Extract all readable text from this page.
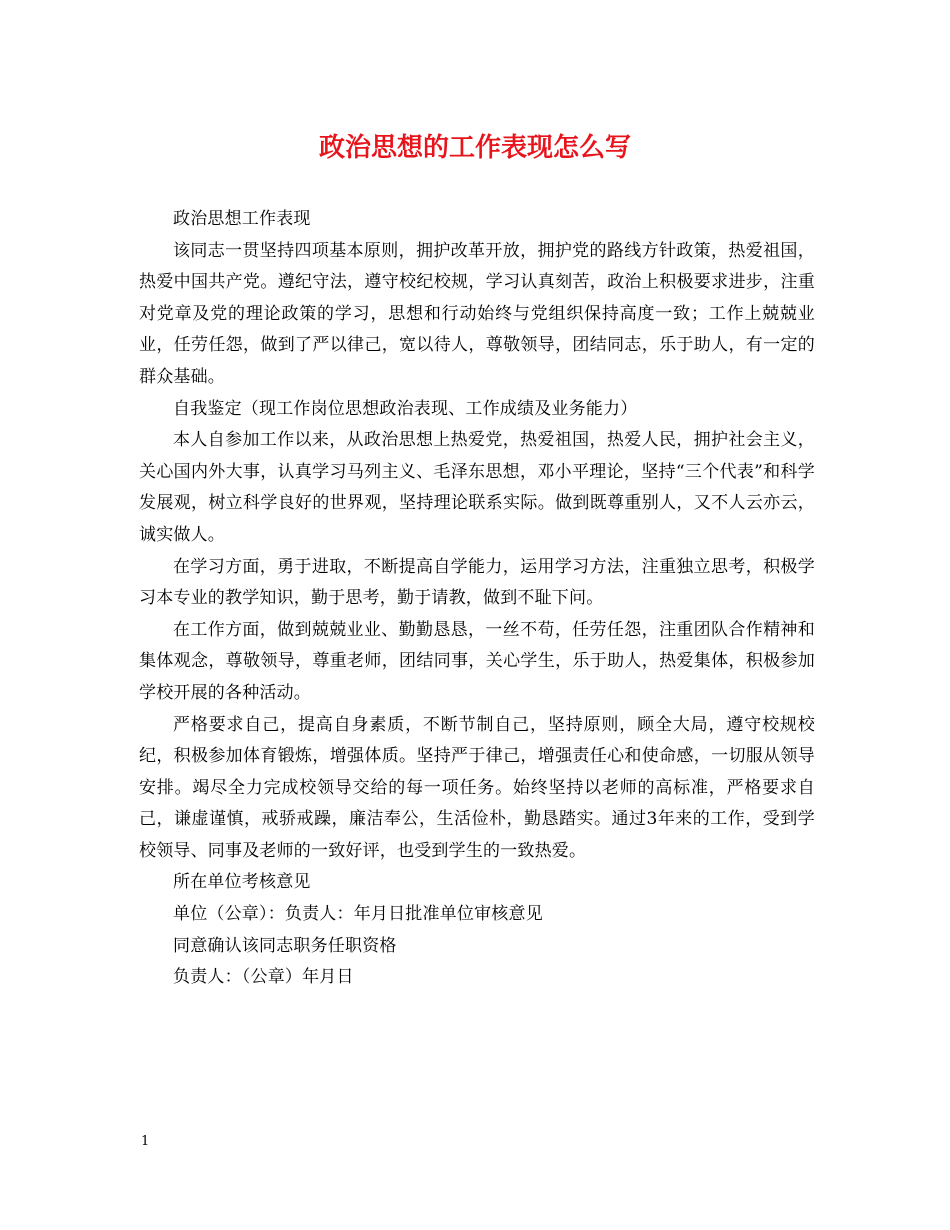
政治思想的工作表现怎么写

政治思想工作表现

该同志一贯坚持四项基本原则，拥护改革开放，拥护党的路线方针政策，热爱祖国，热爱中国共产党。遵纪守法，遵守校纪校规，学习认真刻苦，政治上积极要求进步，注重对党章及党的理论政策的学习，思想和行动始终与党组织保持高度一致；工作上兢兢业业，任劳任怨，做到了严以律己，宽以待人，尊敬领导，团结同志，乐于助人，有一定的群众基础。

自我鉴定（现工作岗位思想政治表现、工作成绩及业务能力）

本人自参加工作以来，从政治思想上热爱党，热爱祖国，热爱人民，拥护社会主义，关心国内外大事，认真学习马列主义、毛泽东思想，邓小平理论，坚持“三个代表”和科学发展观，树立科学良好的世界观，坚持理论联系实际。做到既尊重别人，又不人云亦云，诚实做人。

在学习方面，勇于进取，不断提高自学能力，运用学习方法，注重独立思考，积极学习本专业的教学知识，勤于思考，勤于请教，做到不耻下问。

在工作方面，做到兢兢业业、勤勤恳恳，一丝不苟，任劳任怨，注重团队合作精神和集体观念，尊敬领导，尊重老师，团结同事，关心学生，乐于助人，热爱集体，积极参加学校开展的各种活动。

严格要求自己，提高自身素质，不断节制自己，坚持原则，顾全大局，遵守校规校纪，积极参加体育锻炼，增强体质。坚持严于律己，增强责任心和使命感，一切服从领导安排。竭尽全力完成校领导交给的每一项任务。始终坚持以老师的高标准，严格要求自己，谦虚谨慎，戒骄戒躁，廉洁奉公，生活俭朴，勤恳踏实。通过3年来的工作，受到学校领导、同事及老师的一致好评，也受到学生的一致热爱。

所在单位考核意见

单位（公章）：负责人：年月日批准单位审核意见

同意确认该同志职务任职资格

负责人：（公章）年月日

1
